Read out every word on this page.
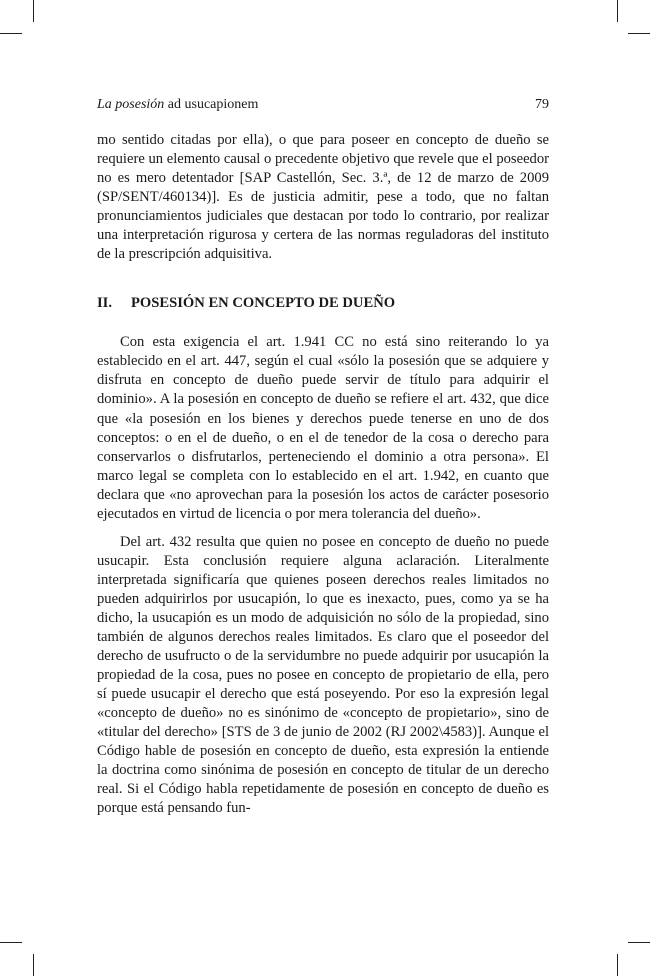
La posesión ad usucapionem	79

mo sentido citadas por ella), o que para poseer en concepto de dueño se requiere un elemento causal o precedente objetivo que revele que el poseedor no es mero detentador [SAP Castellón, Sec. 3.ª, de 12 de marzo de 2009 (SP/SENT/460134)]. Es de justicia admitir, pese a todo, que no faltan pronunciamientos judiciales que destacan por todo lo contrario, por realizar una interpretación rigurosa y certera de las normas reguladoras del instituto de la prescripción adquisitiva.

II.	POSESIÓN EN CONCEPTO DE DUEÑO

Con esta exigencia el art. 1.941 CC no está sino reiterando lo ya establecido en el art. 447, según el cual «sólo la posesión que se adquiere y disfruta en concepto de dueño puede servir de título para adquirir el dominio». A la posesión en concepto de dueño se refiere el art. 432, que dice que «la posesión en los bienes y derechos puede tenerse en uno de dos conceptos: o en el de dueño, o en el de tenedor de la cosa o derecho para conservarlos o disfrutarlos, perteneciendo el dominio a otra persona». El marco legal se completa con lo establecido en el art. 1.942, en cuanto que declara que «no aprovechan para la posesión los actos de carácter posesorio ejecutados en virtud de licencia o por mera tolerancia del dueño».

Del art. 432 resulta que quien no posee en concepto de dueño no puede usucapir. Esta conclusión requiere alguna aclaración. Literalmente interpretada significaría que quienes poseen derechos reales limitados no pueden adquirirlos por usucapión, lo que es inexacto, pues, como ya se ha dicho, la usucapión es un modo de adquisición no sólo de la propiedad, sino también de algunos derechos reales limitados. Es claro que el poseedor del derecho de usufructo o de la servidumbre no puede adquirir por usucapión la propiedad de la cosa, pues no posee en concepto de propietario de ella, pero sí puede usucapir el derecho que está poseyendo. Por eso la expresión legal «concepto de dueño» no es sinónimo de «concepto de propietario», sino de «titular del derecho» [STS de 3 de junio de 2002 (RJ 2002\4583)]. Aunque el Código hable de posesión en concepto de dueño, esta expresión la entiende la doctrina como sinónima de posesión en concepto de titular de un derecho real. Si el Código habla repetidamente de posesión en concepto de dueño es porque está pensando fun-
